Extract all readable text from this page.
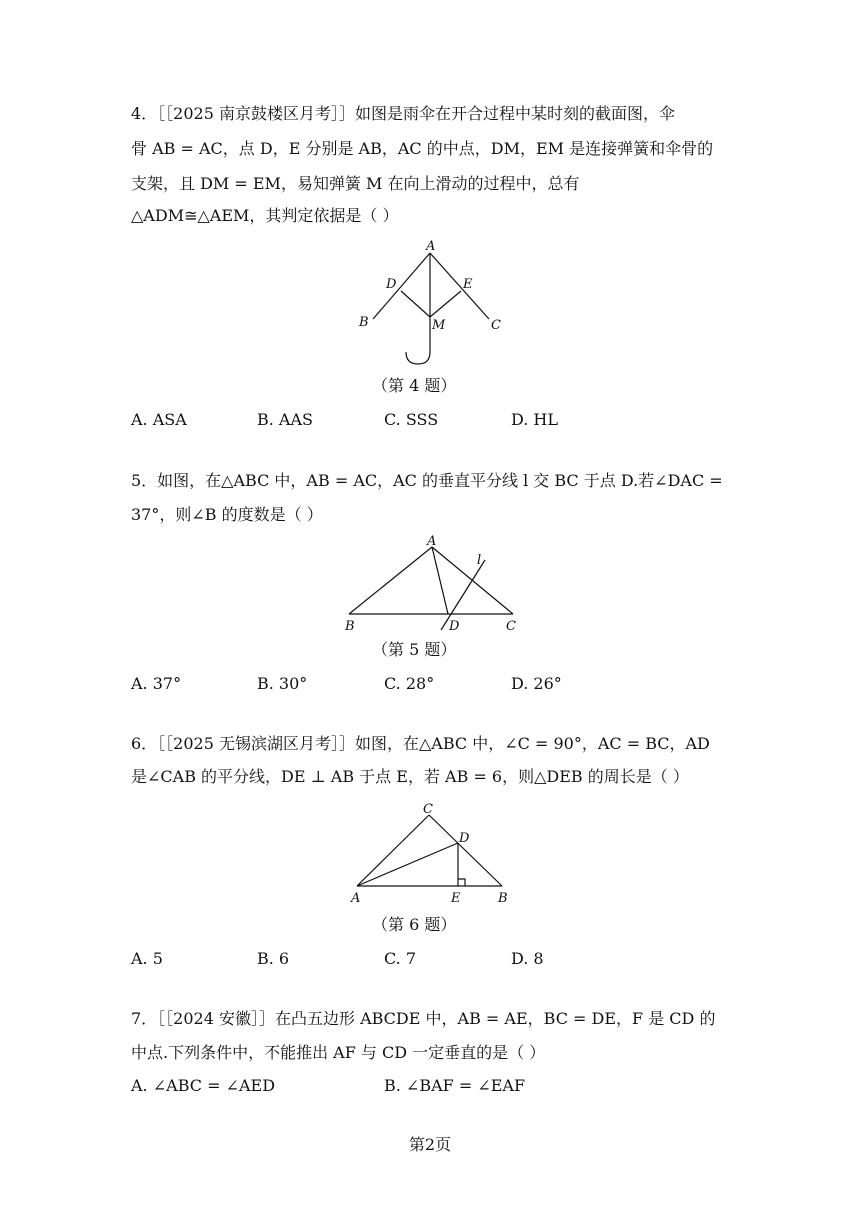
4．［［2025 南京鼓楼区月考］］如图是雨伞在开合过程中某时刻的截面图，伞
骨 AB = AC，点 D，E 分别是 AB，AC 的中点，DM，EM 是连接弹簧和伞骨的
支架，且 DM = EM，易知弹簧 M 在向上滑动的过程中，总有
△ADM≅△AEM，其判定依据是（ ）
A
D	E
B	M	C
（第 4 题）
A. ASA	B. AAS	C. SSS	D. HL
5．如图，在△ABC 中，AB = AC，AC 的垂直平分线 l 交 BC 于点 D.若∠DAC =
37°，则∠B 的度数是（ ）
A
l
B	D	C
（第 5 题）
A. 37°	B. 30°	C. 28°	D. 26°
6．［［2025 无锡滨湖区月考］］如图，在△ABC 中，∠C = 90°，AC = BC，AD
是∠CAB 的平分线，DE ⊥ AB 于点 E，若 AB = 6，则△DEB 的周长是（ ）
C
D
A	E	B
（第 6 题）
A. 5	B. 6	C. 7	D. 8
7．［［2024 安徽］］在凸五边形 ABCDE 中，AB = AE，BC = DE，F 是 CD 的
中点.下列条件中，不能推出 AF 与 CD 一定垂直的是（ ）
A. ∠ABC = ∠AED	B. ∠BAF = ∠EAF
第2页
